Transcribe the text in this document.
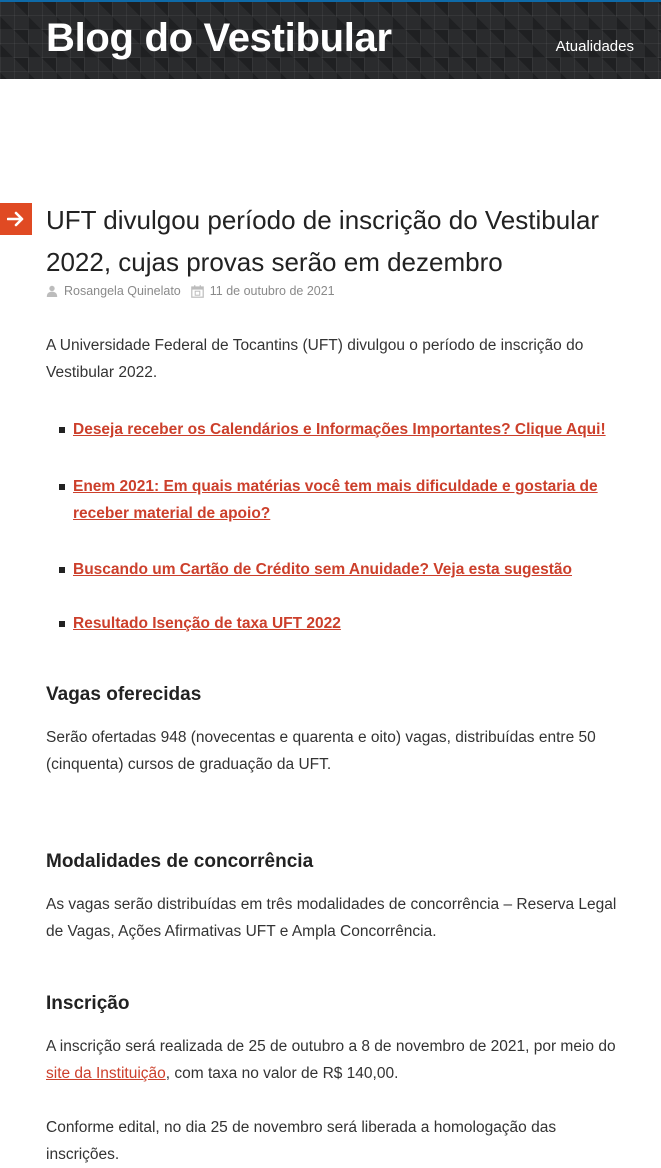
Blog do Vestibular	Atualidades
UFT divulgou período de inscrição do Vestibular 2022, cujas provas serão em dezembro
Rosangela Quinelato 11 de outubro de 2021

A Universidade Federal de Tocantins (UFT) divulgou o período de inscrição do Vestibular 2022.

Deseja receber os Calendários e Informações Importantes? Clique Aqui!
Enem 2021: Em quais matérias você tem mais dificuldade e gostaria de receber material de apoio?
Buscando um Cartão de Crédito sem Anuidade? Veja esta sugestão
Resultado Isenção de taxa UFT 2022
Vagas oferecidas

Serão ofertadas 948 (novecentas e quarenta e oito) vagas, distribuídas entre 50 (cinquenta) cursos de graduação da UFT.

Modalidades de concorrência

As vagas serão distribuídas em três modalidades de concorrência – Reserva Legal de Vagas, Ações Afirmativas UFT e Ampla Concorrência.

Inscrição

A inscrição será realizada de 25 de outubro a 8 de novembro de 2021, por meio do site da Instituição, com taxa no valor de R$ 140,00.

Conforme edital, no dia 25 de novembro será liberada a homologação das inscrições.
